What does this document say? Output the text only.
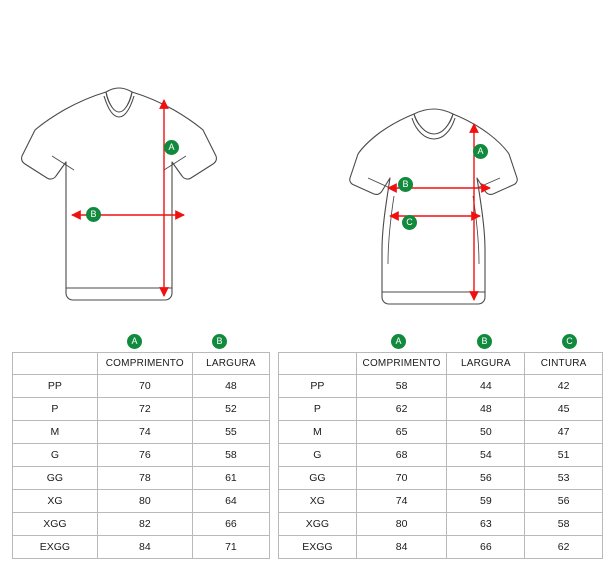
A
B
A
B
C
A	B	A	B	C
	COMPRIMENTO	LARGURA
PP	70	48
P	72	52
M	74	55
G	76	58
GG	78	61
XG	80	64
XGG	82	66
EXGG	84	71
	COMPRIMENTO	LARGURA	CINTURA
PP	58	44	42
P	62	48	45
M	65	50	47
G	68	54	51
GG	70	56	53
XG	74	59	56
XGG	80	63	58
EXGG	84	66	62
